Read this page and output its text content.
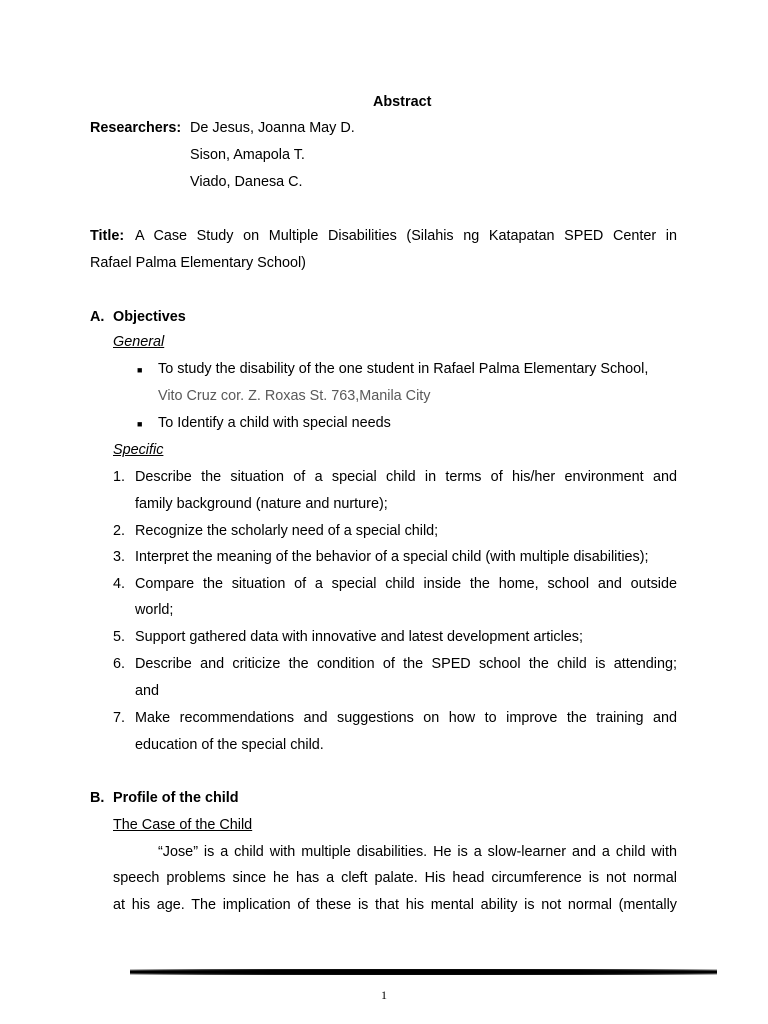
Abstract
Researchers: De Jesus, Joanna May D.
Sison, Amapola T.
Viado, Danesa C.
Title: A Case Study on Multiple Disabilities (Silahis ng Katapatan SPED Center in
Rafael Palma Elementary School)
A. Objectives
General
■ To study the disability of the one student in Rafael Palma Elementary School,
Vito Cruz cor. Z. Roxas St. 763,Manila City
■ To Identify a child with special needs
Specific
1. Describe the situation of a special child in terms of his/her environment and
family background (nature and nurture);
2. Recognize the scholarly need of a special child;
3. Interpret the meaning of the behavior of a special child (with multiple disabilities);
4. Compare the situation of a special child inside the home, school and outside
world;
5. Support gathered data with innovative and latest development articles;
6. Describe and criticize the condition of the SPED school the child is attending;
and
7. Make recommendations and suggestions on how to improve the training and
education of the special child.
B. Profile of the child
The Case of the Child
“Jose” is a child with multiple disabilities. He is a slow-learner and a child with
speech problems since he has a cleft palate. His head circumference is not normal
at his age. The implication of these is that his mental ability is not normal (mentally
1
